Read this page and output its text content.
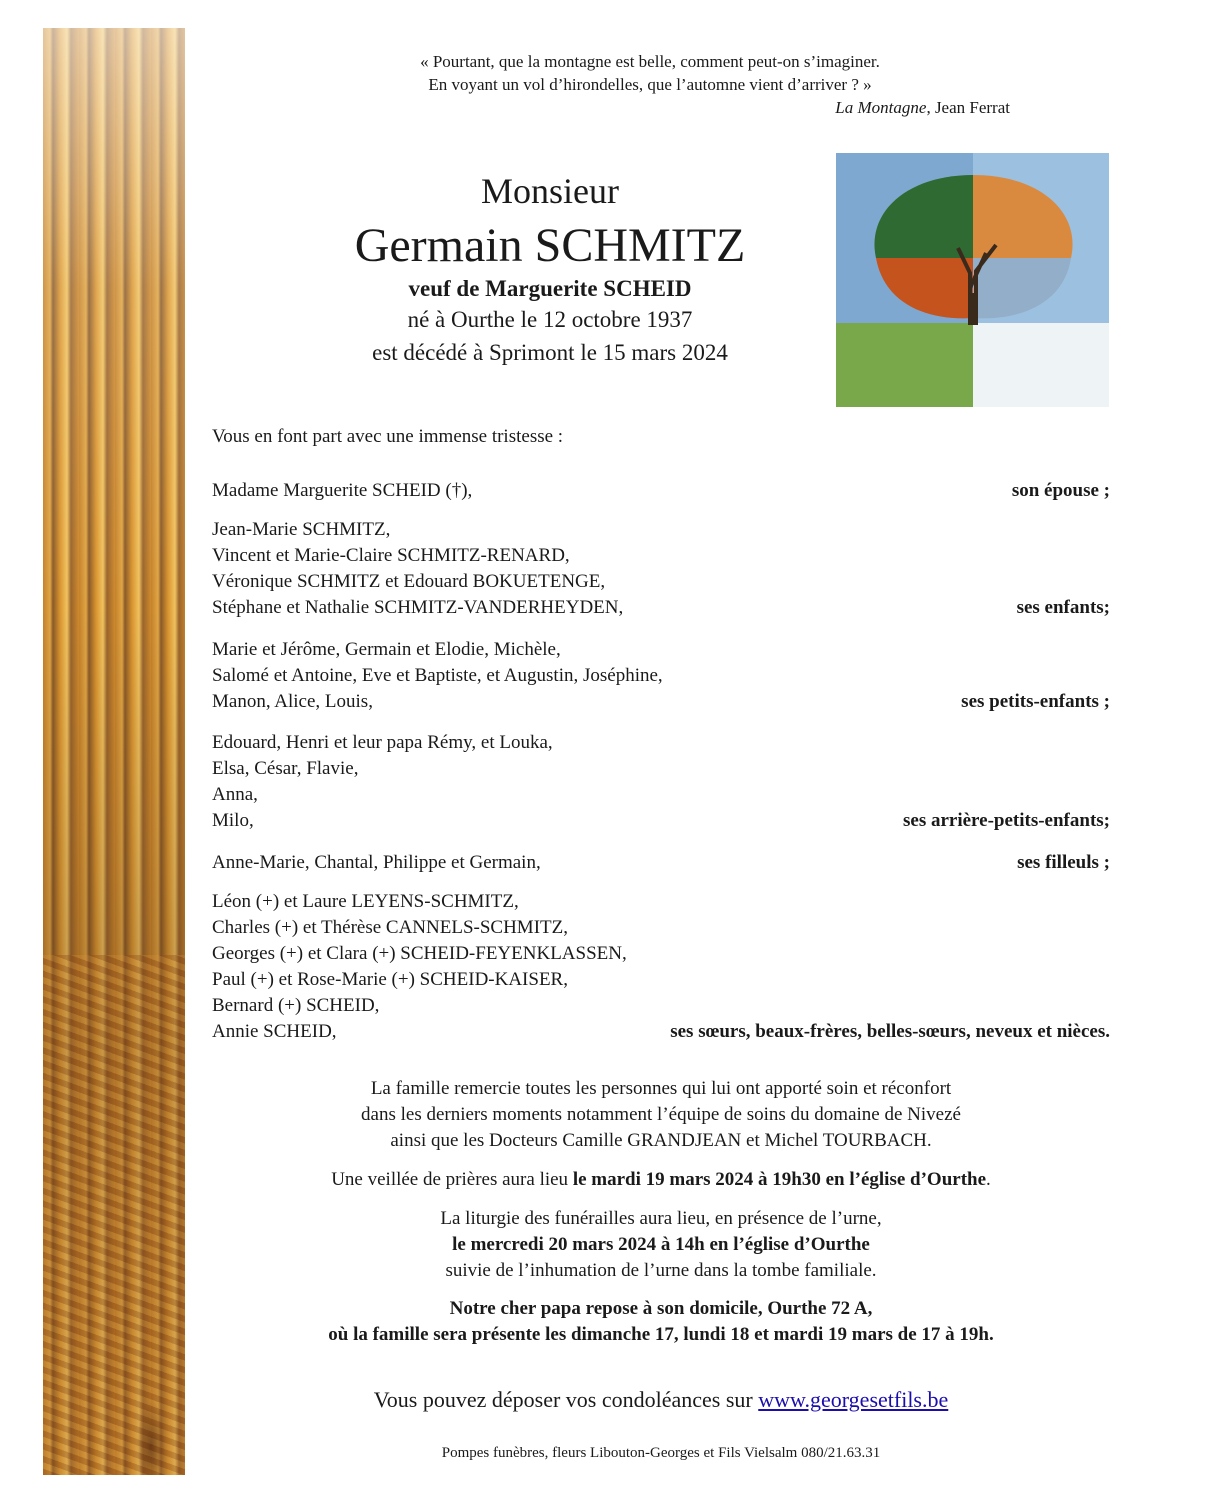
« Pourtant, que la montagne est belle, comment peut-on s’imaginer.
En voyant un vol d’hirondelles, que l’automne vient d’arriver ? »
La Montagne, Jean Ferrat
Monsieur
Germain SCHMITZ
veuf de Marguerite SCHEID
né à Ourthe le 12 octobre 1937
est décédé à Sprimont le 15 mars 2024
Vous en font part avec une immense tristesse :
Madame Marguerite SCHEID (†),	son épouse ;
Jean-Marie SCHMITZ,
Vincent et Marie-Claire SCHMITZ-RENARD,
Véronique SCHMITZ et Edouard BOKUETENGE,
Stéphane et Nathalie SCHMITZ-VANDERHEYDEN,	ses enfants;
Marie et Jérôme, Germain et Elodie, Michèle,
Salomé et Antoine, Eve et Baptiste, et Augustin, Joséphine,
Manon, Alice, Louis,	ses petits-enfants ;
Edouard, Henri et leur papa Rémy, et Louka,
Elsa, César, Flavie,
Anna,
Milo,	ses arrière-petits-enfants;
Anne-Marie, Chantal, Philippe et Germain,	ses filleuls ;
Léon (+) et Laure LEYENS-SCHMITZ,
Charles (+) et Thérèse CANNELS-SCHMITZ,
Georges (+) et Clara (+) SCHEID-FEYENKLASSEN,
Paul (+) et Rose-Marie (+) SCHEID-KAISER,
Bernard (+) SCHEID,
Annie SCHEID,	ses sœurs, beaux-frères, belles-sœurs, neveux et nièces.
La famille remercie toutes les personnes qui lui ont apporté soin et réconfort
dans les derniers moments notamment l’équipe de soins du domaine de Nivezé
ainsi que les Docteurs Camille GRANDJEAN et Michel TOURBACH.
Une veillée de prières aura lieu le mardi 19 mars 2024 à 19h30 en l’église d’Ourthe.
La liturgie des funérailles aura lieu, en présence de l’urne,
le mercredi 20 mars 2024 à 14h en l’église d’Ourthe
suivie de l’inhumation de l’urne dans la tombe familiale.
Notre cher papa repose à son domicile, Ourthe 72 A,
où la famille sera présente les dimanche 17, lundi 18 et mardi 19 mars de 17 à 19h.
Vous pouvez déposer vos condoléances sur www.georgesetfils.be
Pompes funèbres, fleurs Libouton-Georges et Fils Vielsalm 080/21.63.31
